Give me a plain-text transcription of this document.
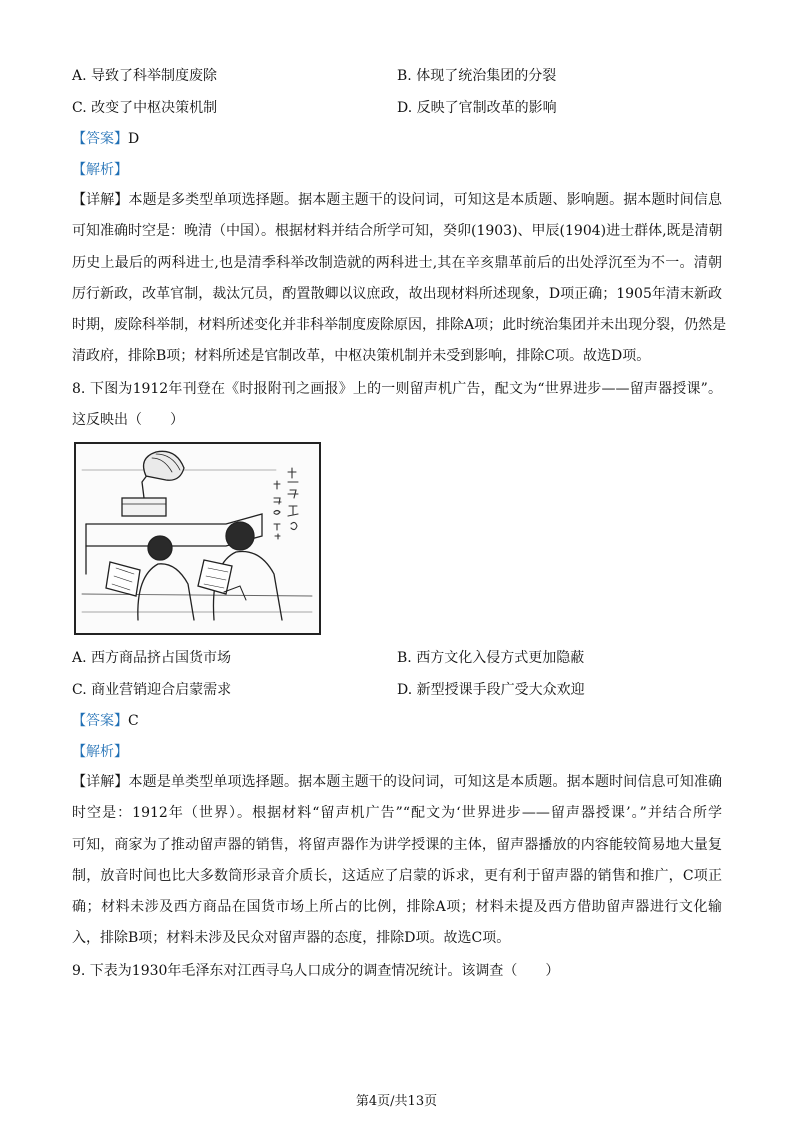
A. 导致了科举制度废除	B. 体现了统治集团的分裂
C. 改变了中枢决策机制	D. 反映了官制改革的影响
【答案】D
【解析】
【详解】本题是多类型单项选择题。据本题主题干的设问词，可知这是本质题、影响题。据本题时间信息
可知准确时空是：晚清（中国）。根据材料并结合所学可知，癸卯(1903)、甲辰(1904)进士群体,既是清朝
历史上最后的两科进士,也是清季科举改制造就的两科进士,其在辛亥鼎革前后的出处浮沉至为不一。清朝
厉行新政，改革官制，裁汰冗员，酌置散卿以议庶政，故出现材料所述现象，D项正确；1905年清末新政
时期，废除科举制，材料所述变化并非科举制度废除原因，排除A项；此时统治集团并未出现分裂，仍然是
清政府，排除B项；材料所述是官制改革，中枢决策机制并未受到影响，排除C项。故选D项。
8. 下图为1912年刊登在《时报附刊之画报》上的一则留声机广告，配文为“世界进步——留声器授课”。
这反映出（　　）
A. 西方商品挤占国货市场	B. 西方文化入侵方式更加隐蔽
C. 商业营销迎合启蒙需求	D. 新型授课手段广受大众欢迎
【答案】C
【解析】
【详解】本题是单类型单项选择题。据本题主题干的设问词，可知这是本质题。据本题时间信息可知准确
时空是：1912年（世界）。根据材料“留声机广告”“配文为‘世界进步——留声器授课’。”并结合所学
可知，商家为了推动留声器的销售，将留声器作为讲学授课的主体，留声器播放的内容能较简易地大量复
制，放音时间也比大多数筒形录音介质长，这适应了启蒙的诉求，更有利于留声器的销售和推广，C项正
确；材料未涉及西方商品在国货市场上所占的比例，排除A项；材料未提及西方借助留声器进行文化输
入，排除B项；材料未涉及民众对留声器的态度，排除D项。故选C项。
9. 下表为1930年毛泽东对江西寻乌人口成分的调查情况统计。该调查（　　）
第4页/共13页
